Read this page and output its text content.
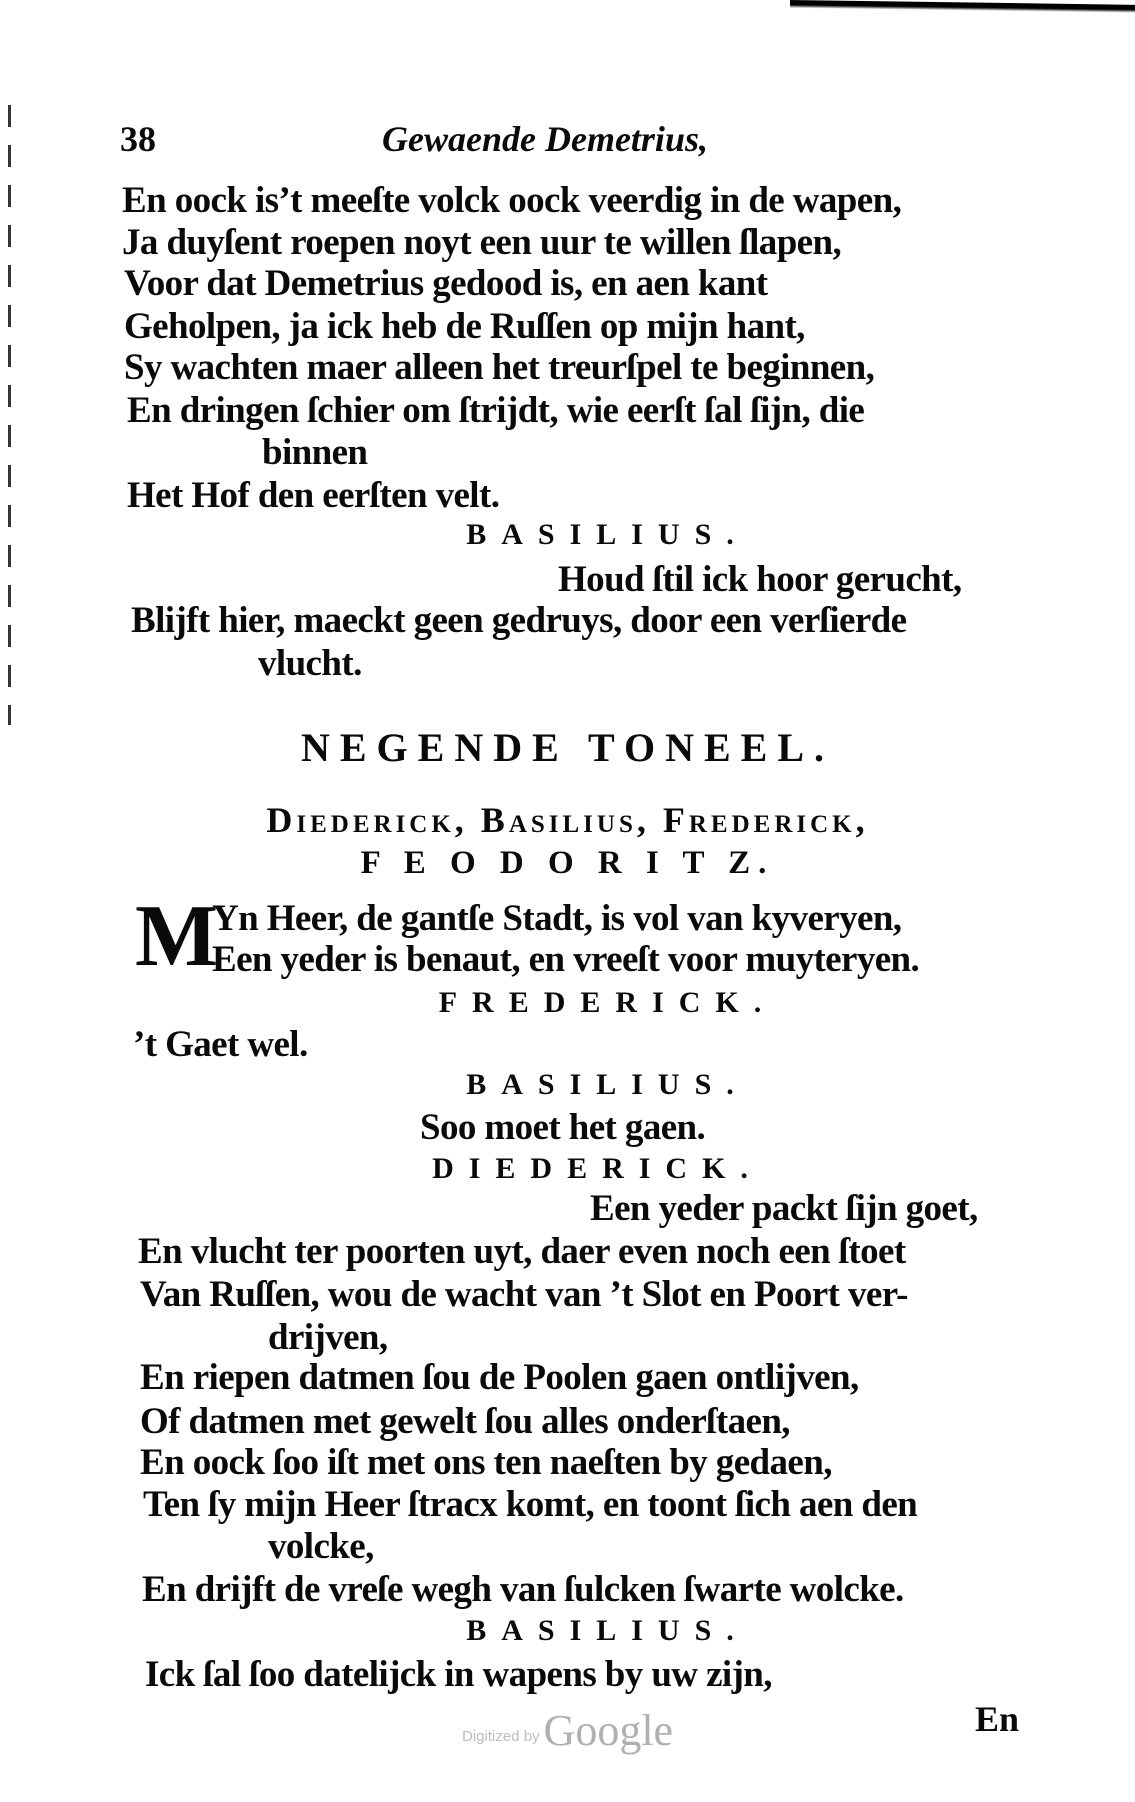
38	Gewaende Demetrius,
En oock is’t meeſte volck oock veerdig in de wapen,
Ja duyſent roepen noyt een uur te willen ſlapen,
Voor dat Demetrius gedood is, en aen kant
Geholpen, ja ick heb de Ruſſen op mijn hant,
Sy wachten maer alleen het treurſpel te beginnen,
En dringen ſchier om ſtrijdt, wie eerſt ſal ſijn, die
binnen
Het Hof den eerſten velt.
BASILIUS.
Houd ſtil ick hoor gerucht,
Blijft hier, maeckt geen gedruys, door een verſierde
vlucht.
NEGENDE TONEEL.
Diederick, Basilius, Frederick,
F E O D O R I T Z.
M
Yn Heer, de gantſe Stadt, is vol van kyveryen,
Een yeder is benaut, en vreeſt voor muyteryen.
FREDERICK.
’t Gaet wel.
BASILIUS.
Soo moet het gaen.
DIEDERICK.
Een yeder packt ſijn goet,
En vlucht ter poorten uyt, daer even noch een ſtoet
Van Ruſſen, wou de wacht van ’t Slot en Poort ver-
drijven,
En riepen datmen ſou de Poolen gaen ontlijven,
Of datmen met gewelt ſou alles onderſtaen,
En oock ſoo iſt met ons ten naeſten by gedaen,
Ten ſy mijn Heer ſtracx komt, en toont ſich aen den
volcke,
En drijft de vreſe wegh van ſulcken ſwarte wolcke.
BASILIUS.
Ick ſal ſoo datelijck in wapens by uw zijn,
En
Digitized byGoogle
